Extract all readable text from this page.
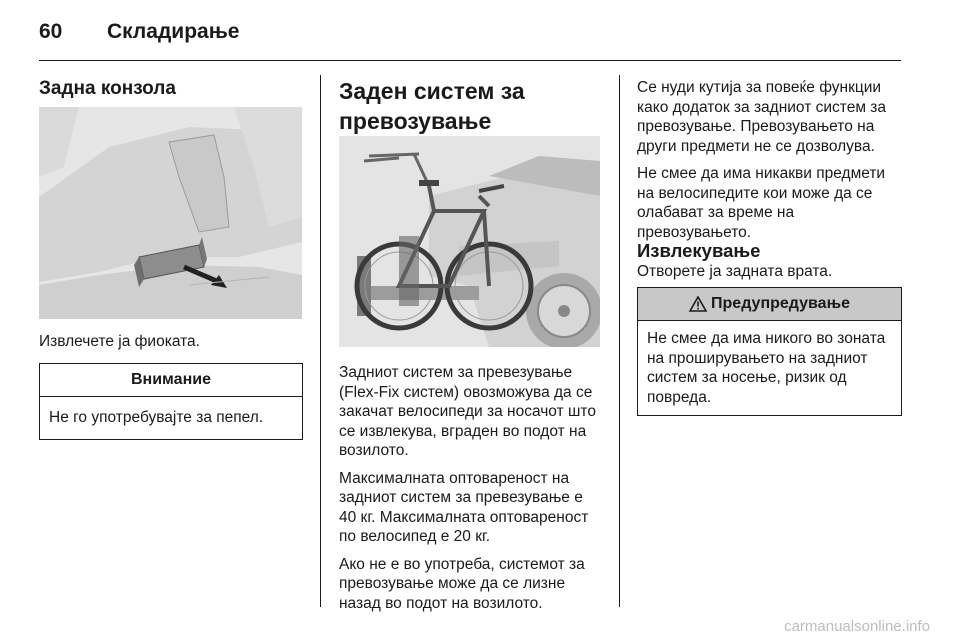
60 Складирање
Задна конзола
Извлечете ја фиоката.
Внимание
Не го употребувајте за пепел.
Заден систем за
превозување

Задниот систем за превезување (Flex-Fix систем) овозможува да се закачат велосипеди за носачот што се извлекува, вграден во подот на возилото.

Максималната оптовареност на задниот систем за превезување е 40 кг. Максималната оптовареност по велосипед е 20 кг.

Ако не е во употреба, системот за превозување може да се лизне назад во подот на возилото.

Се нуди кутија за повеќе функции како додаток за задниот систем за превозување. Превозувањето на други предмети не се дозволува.

Не смее да има никакви предмети на велосипедите кои може да се олабават за време на превозувањето.

Извлекување
Отворете ја задната врата.
Предупредување
Не смее да има никого во зоната на проширувањето на задниот систем за носење, ризик од повреда.
carmanualsonline.info
